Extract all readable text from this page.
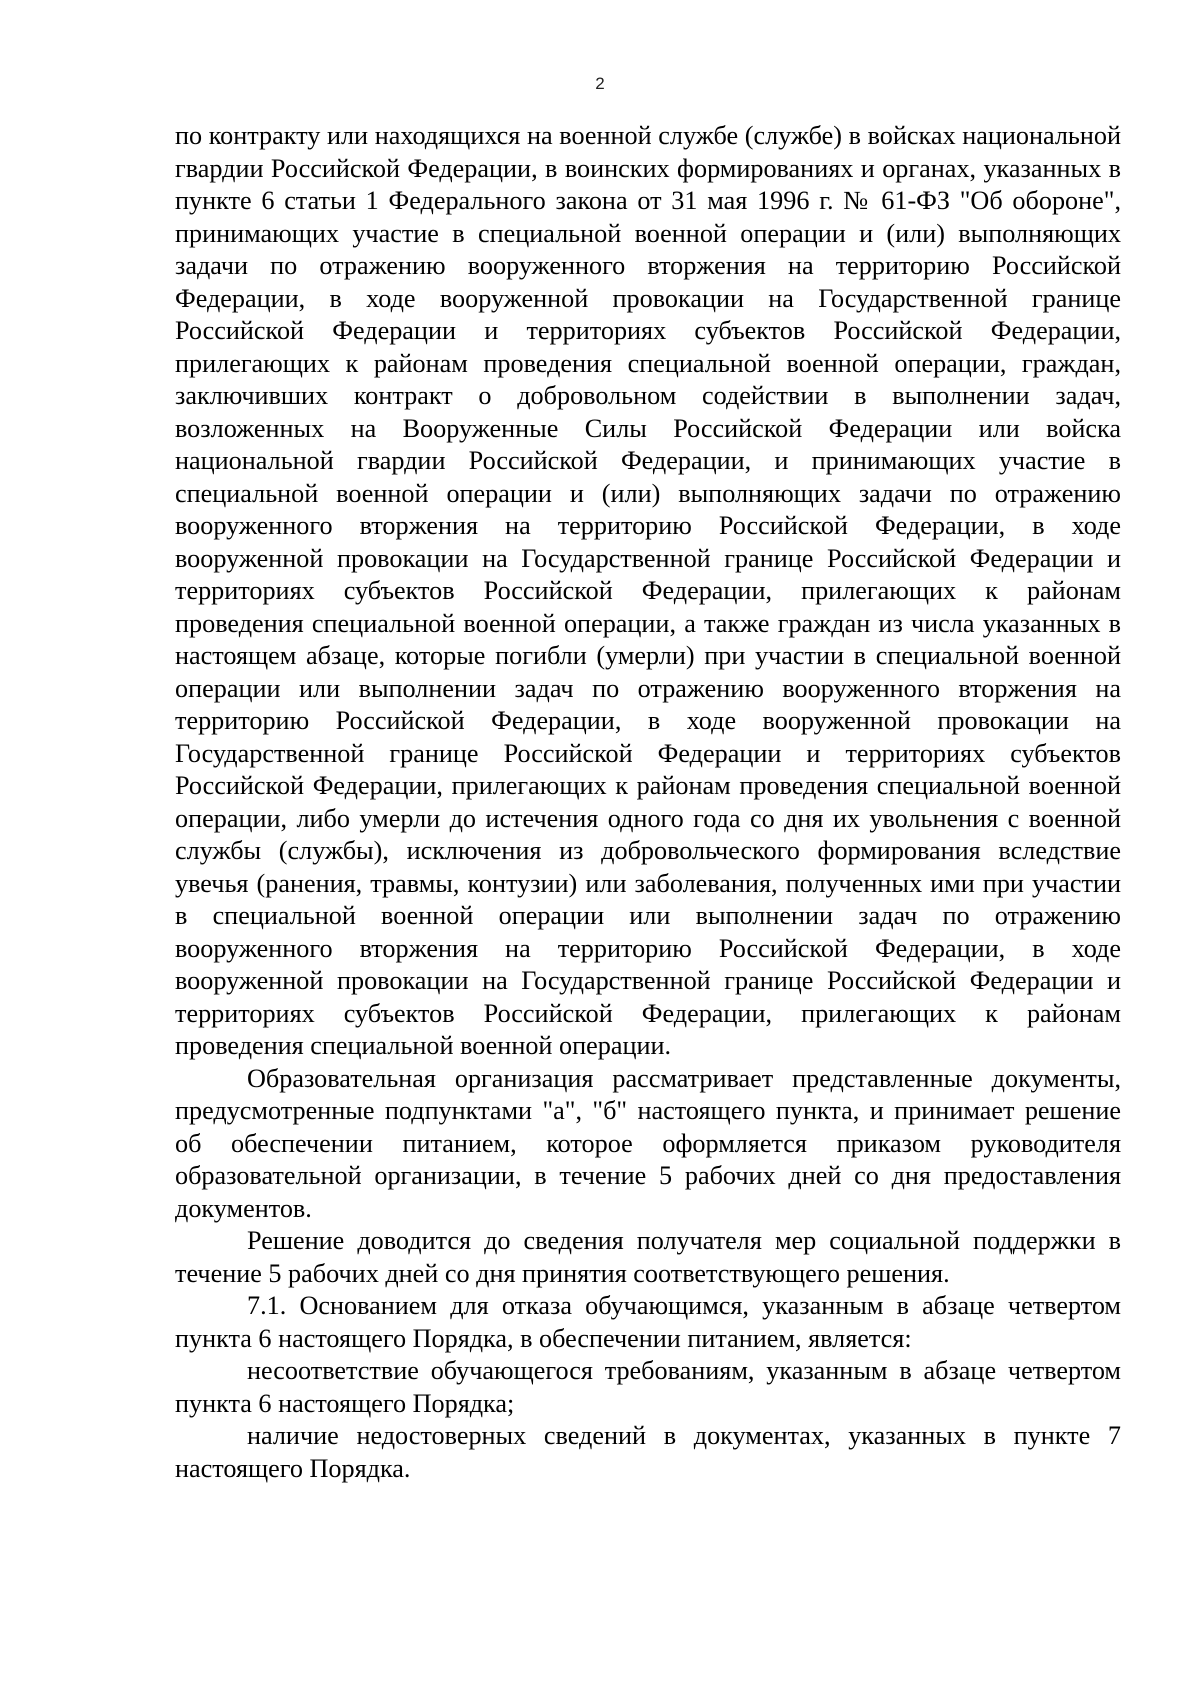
2

по контракту или находящихся на военной службе (службе) в войсках национальной гвардии Российской Федерации, в воинских формированиях и органах, указанных в пункте 6 статьи 1 Федерального закона от 31 мая 1996 г. № 61-ФЗ "Об обороне", принимающих участие в специальной военной операции и (или) выполняющих задачи по отражению вооруженного вторжения на территорию Российской Федерации, в ходе вооруженной провокации на Государственной границе Российской Федерации и территориях субъектов Российской Федерации, прилегающих к районам проведения специальной военной операции, граждан, заключивших контракт о добровольном содействии в выполнении задач, возложенных на Вооруженные Силы Российской Федерации или войска национальной гвардии Российской Федерации, и принимающих участие в специальной военной операции и (или) выполняющих задачи по отражению вооруженного вторжения на территорию Российской Федерации, в ходе вооруженной провокации на Государственной границе Российской Федерации и территориях субъектов Российской Федерации, прилегающих к районам проведения специальной военной операции, а также граждан из числа указанных в настоящем абзаце, которые погибли (умерли) при участии в специальной военной операции или выполнении задач по отражению вооруженного вторжения на территорию Российской Федерации, в ходе вооруженной провокации на Государственной границе Российской Федерации и территориях субъектов Российской Федерации, прилегающих к районам проведения специальной военной операции, либо умерли до истечения одного года со дня их увольнения с военной службы (службы), исключения из добровольческого формирования вследствие увечья (ранения, травмы, контузии) или заболевания, полученных ими при участии в специальной военной операции или выполнении задач по отражению вооруженного вторжения на территорию Российской Федерации, в ходе вооруженной провокации на Государственной границе Российской Федерации и территориях субъектов Российской Федерации, прилегающих к районам проведения специальной военной операции.

Образовательная организация рассматривает представленные документы, предусмотренные подпунктами "а", "б" настоящего пункта, и принимает решение об обеспечении питанием, которое оформляется приказом руководителя образовательной организации, в течение 5 рабочих дней со дня предоставления документов.

Решение доводится до сведения получателя мер социальной поддержки в течение 5 рабочих дней со дня принятия соответствующего решения.

7.1. Основанием для отказа обучающимся, указанным в абзаце четвертом пункта 6 настоящего Порядка, в обеспечении питанием, является:

несоответствие обучающегося требованиям, указанным в абзаце четвертом пункта 6 настоящего Порядка;

наличие недостоверных сведений в документах, указанных в пункте 7 настоящего Порядка.
